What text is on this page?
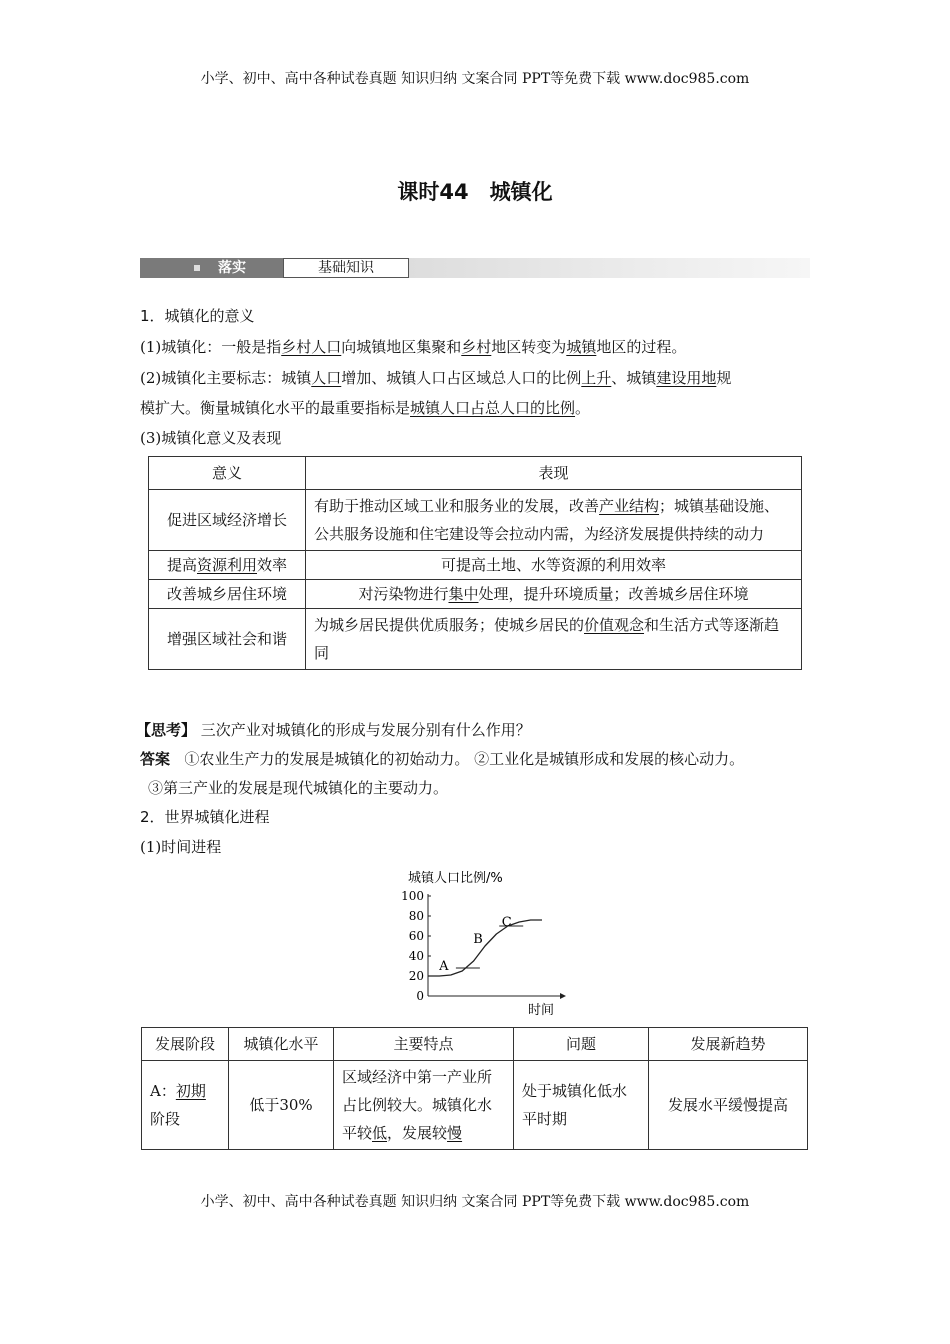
小学、初中、高中各种试卷真题 知识归纳 文案合同 PPT等免费下载 www.doc985.com
课时44　城镇化
落实	基础知识
1．城镇化的意义
(1)城镇化：一般是指乡村人口向城镇地区集聚和乡村地区转变为城镇地区的过程。
(2)城镇化主要标志：城镇人口增加、城镇人口占区域总人口的比例上升、城镇建设用地规
模扩大。衡量城镇化水平的最重要指标是城镇人口占总人口的比例。
(3)城镇化意义及表现
意义	表现
促进区域经济增长	有助于推动区域工业和服务业的发展，改善产业结构；城镇基础设施、公共服务设施和住宅建设等会拉动内需，为经济发展提供持续的动力
提高资源利用效率	可提高土地、水等资源的利用效率
改善城乡居住环境	对污染物进行集中处理，提升环境质量；改善城乡居住环境
增强区域社会和谐	为城乡居民提供优质服务；使城乡居民的价值观念和生活方式等逐渐趋同
【思考】 三次产业对城镇化的形成与发展分别有什么作用？
答案 ①农业生产力的发展是城镇化的初始动力。 ②工业化是城镇形成和发展的核心动力。
③第三产业的发展是现代城镇化的主要动力。
2．世界城镇化进程
(1)时间进程
城镇人口比例/%
0
20
40
60
80
100
时间
A
B
C
发展阶段	城镇化水平	主要特点	问题	发展新趋势
A：初期阶段	低于30%	区域经济中第一产业所占比例较大。城镇化水平较低，发展较慢	处于城镇化低水平时期	发展水平缓慢提高
小学、初中、高中各种试卷真题 知识归纳 文案合同 PPT等免费下载 www.doc985.com
